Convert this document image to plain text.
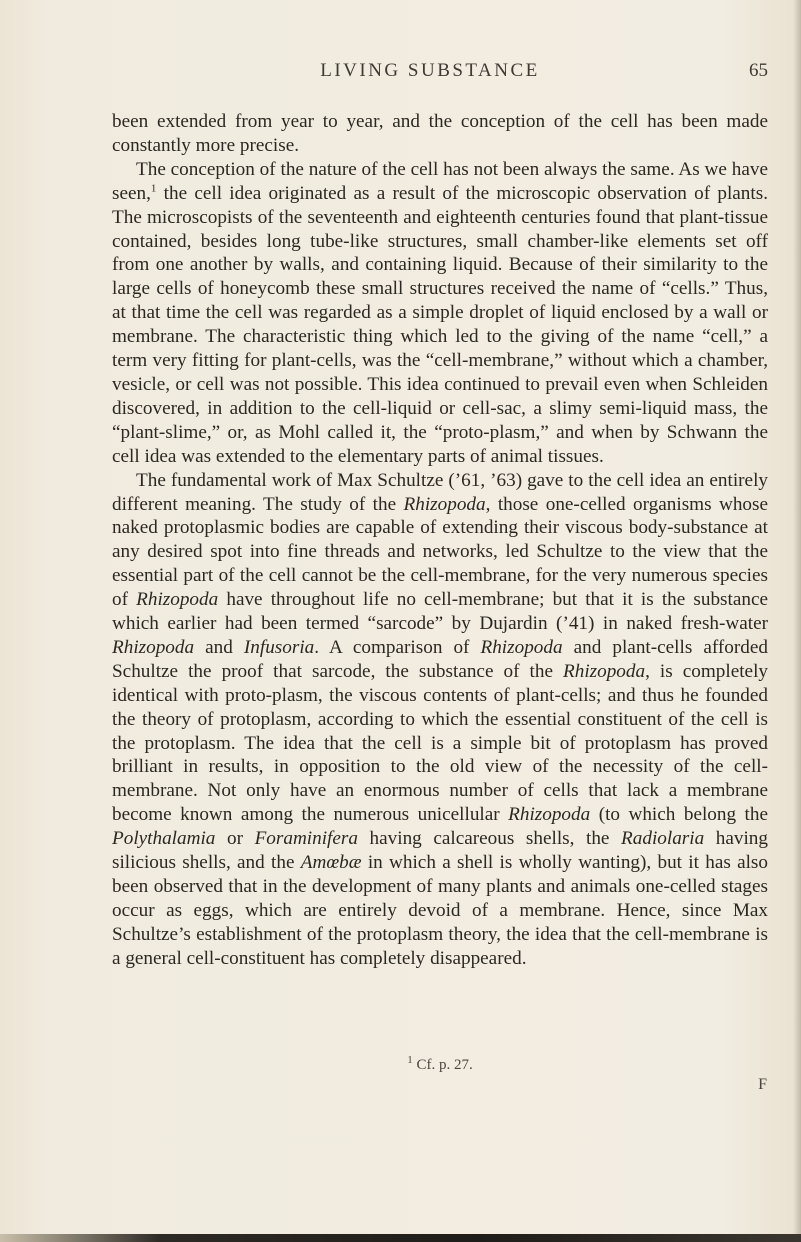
LIVING SUBSTANCE	65

been extended from year to year, and the conception of the cell has been made constantly more precise.

The conception of the nature of the cell has not been always the same. As we have seen,$^1$ the cell idea originated as a result of the microscopic observation of plants. The microscopists of the seventeenth and eighteenth centuries found that plant-tissue contained, besides long tube-like structures, small chamber-like elements set off from one another by walls, and containing liquid. Because of their similarity to the large cells of honeycomb these small structures received the name of “cells.” Thus, at that time the cell was regarded as a simple droplet of liquid enclosed by a wall or membrane. The characteristic thing which led to the giving of the name “cell,” a term very fitting for plant-cells, was the “cell-membrane,” without which a chamber, vesicle, or cell was not possible. This idea continued to prevail even when Schleiden discovered, in addition to the cell-liquid or cell-sac, a slimy semi-liquid mass, the “plant-slime,” or, as Mohl called it, the “proto-plasm,” and when by Schwann the cell idea was extended to the elementary parts of animal tissues.

The fundamental work of Max Schultze (’61, ’63) gave to the cell idea an entirely different meaning. The study of the Rhizopoda, those one-celled organisms whose naked protoplasmic bodies are capable of extending their viscous body-substance at any desired spot into fine threads and networks, led Schultze to the view that the essential part of the cell cannot be the cell-membrane, for the very numerous species of Rhizopoda have throughout life no cell-membrane; but that it is the substance which earlier had been termed “sarcode” by Dujardin (’41) in naked fresh-water Rhizopoda and Infusoria. A comparison of Rhizopoda and plant-cells afforded Schultze the proof that sarcode, the substance of the Rhizopoda, is completely identical with proto-plasm, the viscous contents of plant-cells; and thus he founded the theory of protoplasm, according to which the essential constituent of the cell is the protoplasm. The idea that the cell is a simple bit of protoplasm has proved brilliant in results, in opposition to the old view of the necessity of the cell-membrane. Not only have an enormous number of cells that lack a membrane become known among the numerous unicellular Rhizopoda (to which belong the Polythalamia or Foraminifera having calcareous shells, the Radiolaria having silicious shells, and the Amœbæ in which a shell is wholly wanting), but it has also been observed that in the development of many plants and animals one-celled stages occur as eggs, which are entirely devoid of a membrane. Hence, since Max Schultze’s establishment of the protoplasm theory, the idea that the cell-membrane is a general cell-constituent has completely disappeared.

$^1$ Cf. p. 27.
F
